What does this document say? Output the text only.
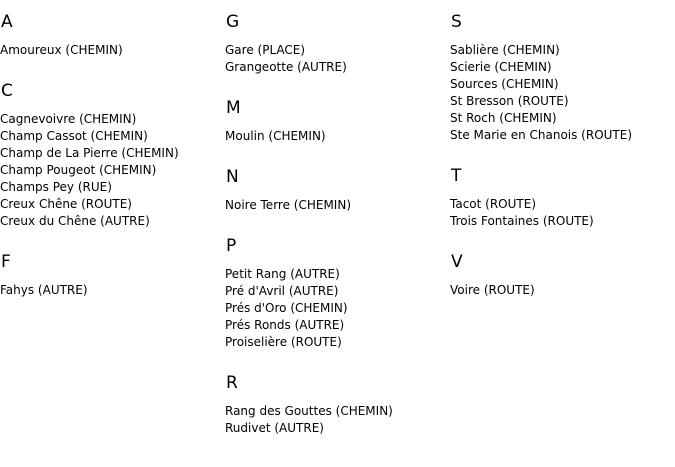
A
Amoureux (CHEMIN)
C
Cagnevoivre (CHEMIN)
Champ Cassot (CHEMIN)
Champ de La Pierre (CHEMIN)
Champ Pougeot (CHEMIN)
Champs Pey (RUE)
Creux Chêne (ROUTE)
Creux du Chêne (AUTRE)
F
Fahys (AUTRE)
G
Gare (PLACE)
Grangeotte (AUTRE)
M
Moulin (CHEMIN)
N
Noire Terre (CHEMIN)
P
Petit Rang (AUTRE)
Pré d'Avril (AUTRE)
Prés d'Oro (CHEMIN)
Prés Ronds (AUTRE)
Proiselière (ROUTE)
R
Rang des Gouttes (CHEMIN)
Rudivet (AUTRE)
S
Sablière (CHEMIN)
Scierie (CHEMIN)
Sources (CHEMIN)
St Bresson (ROUTE)
St Roch (CHEMIN)
Ste Marie en Chanois (ROUTE)
T
Tacot (ROUTE)
Trois Fontaines (ROUTE)
V
Voire (ROUTE)
